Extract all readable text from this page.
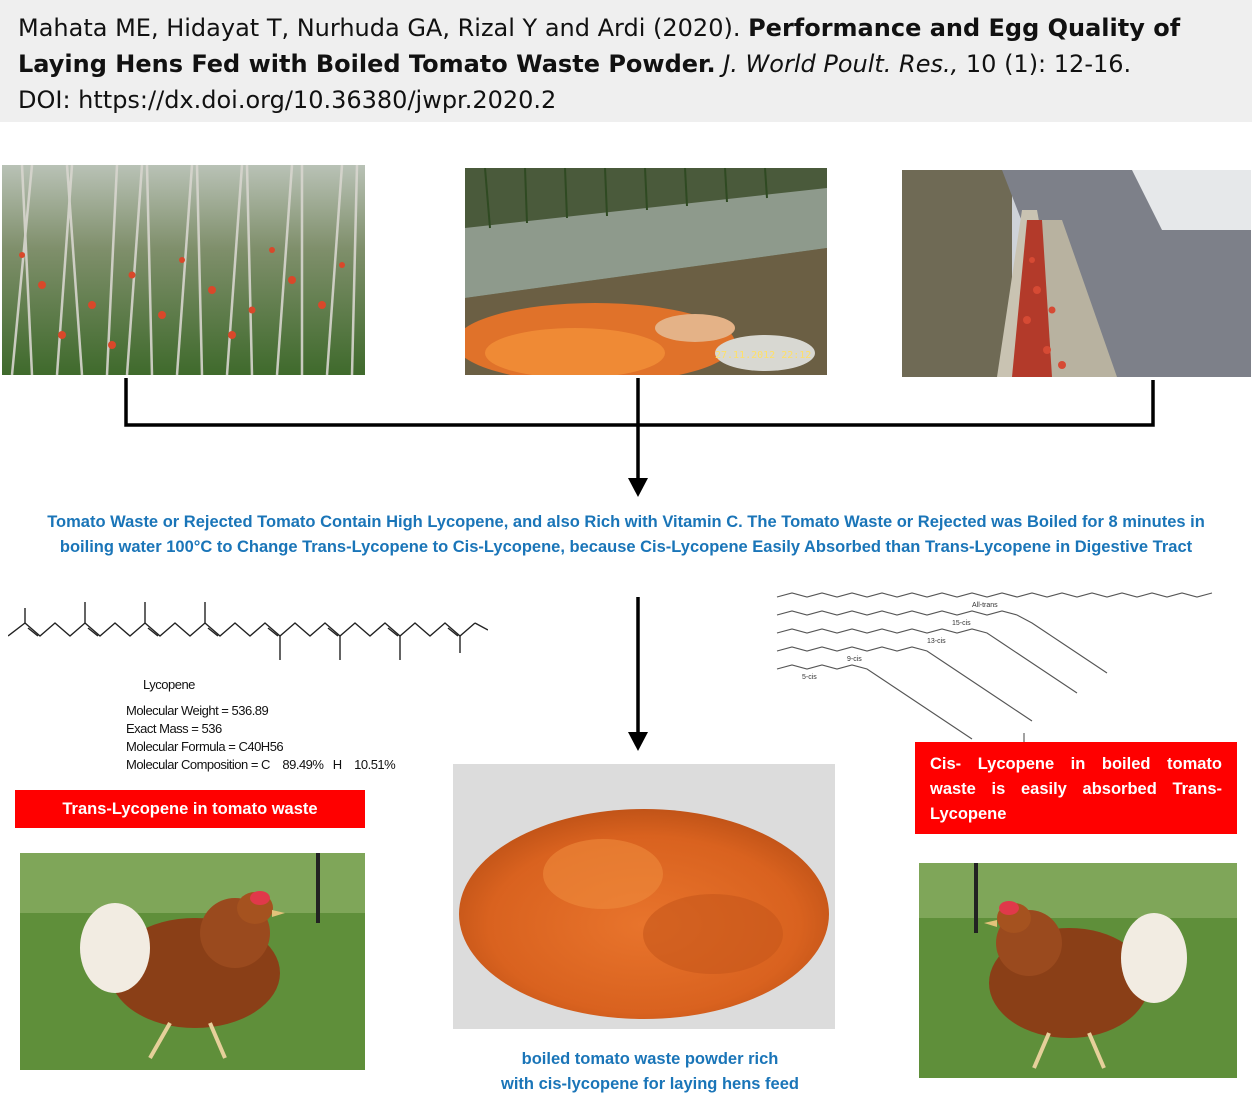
Mahata ME, Hidayat T, Nurhuda GA, Rizal Y and Ardi (2020). Performance and Egg Quality of Laying Hens Fed with Boiled Tomato Waste Powder. J. World Poult. Res., 10 (1): 12-16.
DOI: https://dx.doi.org/10.36380/jwpr.2020.2
27.11.2012 22:12
Tomato Waste or Rejected Tomato Contain High Lycopene, and also Rich with Vitamin C. The Tomato Waste or Rejected was Boiled for 8 minutes in boiling water 100°C to Change Trans-Lycopene to Cis-Lycopene, because Cis-Lycopene Easily Absorbed than Trans-Lycopene in Digestive Tract
Lycopene
Molecular Weight = 536.89
Exact Mass = 536
Molecular Formula = C40H56
Molecular Composition = C    89.49%   H    10.51%
All-trans
15-cis
13-cis
9-cis
5-cis
Trans-Lycopene in tomato waste
Cis- Lycopene in boiled tomato waste is easily absorbed Trans-Lycopene
boiled tomato waste powder rich
with cis-lycopene for laying hens feed
